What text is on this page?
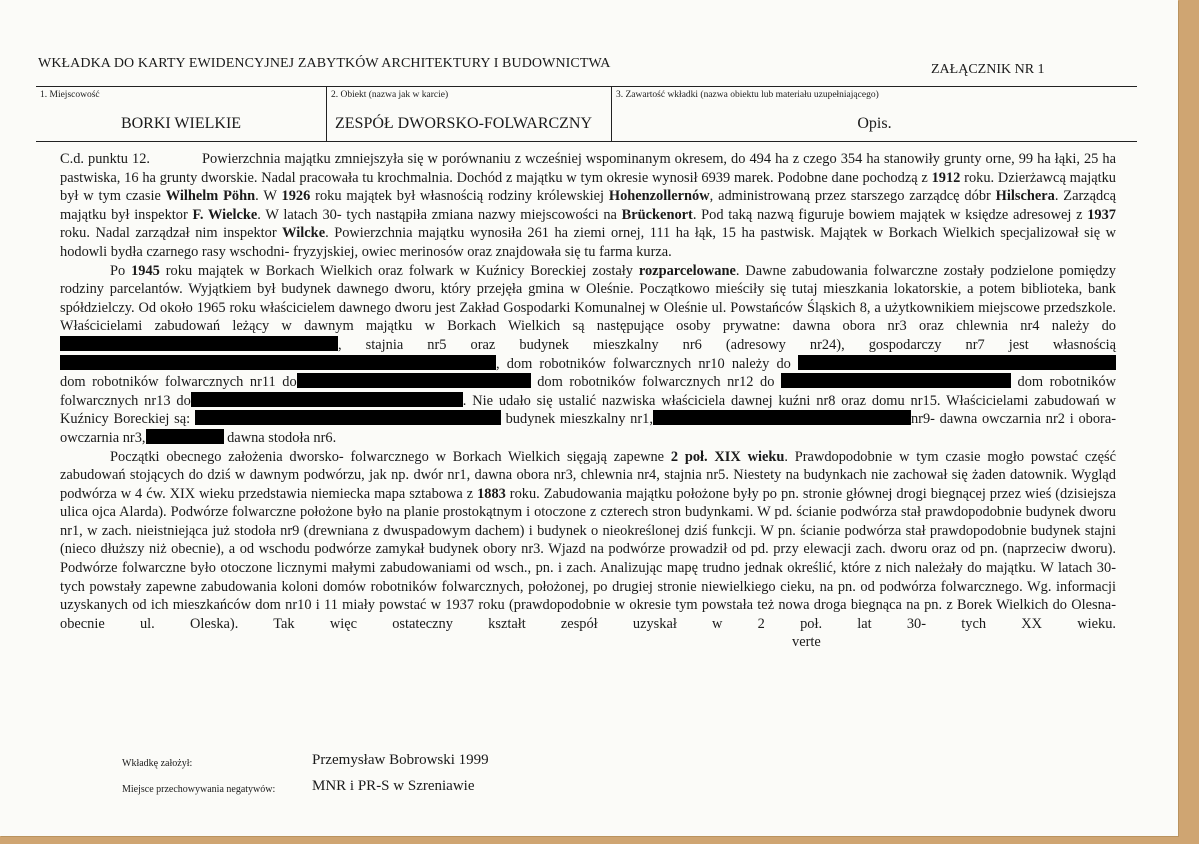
WKŁADKA DO KARTY EWIDENCYJNEJ ZABYTKÓW ARCHITEKTURY I BUDOWNICTWA	ZAŁĄCZNIK NR 1
1. Miejscowość
BORKI WIELKIE
2. Obiekt (nazwa jak w karcie)
ZESPÓŁ DWORSKO-FOLWARCZNY
3. Zawartość wkładki (nazwa obiektu lub materiału uzupełniającego)
Opis.

C.d. punktu 12.	Powierzchnia majątku zmniejszyła się w porównaniu z wcześniej wspominanym okresem, do 494 ha z czego 354 ha stanowiły grunty orne, 99 ha łąki, 25 ha pastwiska, 16 ha grunty dworskie. Nadal pracowała tu krochmalnia. Dochód z majątku w tym okresie wynosił 6939 marek. Podobne dane pochodzą z 1912 roku. Dzierżawcą majątku był w tym czasie Wilhelm Pöhn. W 1926 roku majątek był własnością rodziny królewskiej Hohenzollernów, administrowaną przez starszego zarządcę dóbr Hilschera. Zarządcą majątku był inspektor F. Wielcke. W latach 30- tych nastąpiła zmiana nazwy miejscowości na Brückenort. Pod taką nazwą figuruje bowiem majątek w księdze adresowej z 1937 roku. Nadal zarządzał nim inspektor Wilcke. Powierzchnia majątku wynosiła 261 ha ziemi ornej, 111 ha łąk, 15 ha pastwisk. Majątek w Borkach Wielkich specjalizował się w hodowli bydła czarnego rasy wschodni- fryzyjskiej, owiec merinosów oraz znajdowała się tu farma kurza.

Po 1945 roku majątek w Borkach Wielkich oraz folwark w Kuźnicy Boreckiej zostały rozparcelowane. Dawne zabudowania folwarczne zostały podzielone pomiędzy rodziny parcelantów. Wyjątkiem był budynek dawnego dworu, który przejęła gmina w Oleśnie. Początkowo mieściły się tutaj mieszkania lokatorskie, a potem biblioteka, bank spółdzielczy. Od około 1965 roku właścicielem dawnego dworu jest Zakład Gospodarki Komunalnej w Oleśnie ul. Powstańców Śląskich 8, a użytkownikiem miejscowe przedszkole. Właścicielami zabudowań leżący w dawnym majątku w Borkach Wielkich są następujące osoby prywatne: dawna obora nr3 oraz chlewnia nr4 należy do , stajnia nr5 oraz budynek mieszkalny nr6 (adresowy nr24), gospodarczy nr7 jest własnością, dom robotników folwarcznych nr10 należy do  dom robotników folwarcznych nr11 do	dom robotników folwarcznych nr12 do	dom robotników folwarcznych nr13 do	. Nie udało się ustalić nazwiska właściciela dawnej kuźni nr8 oraz domu nr15. Właścicielami zabudowań w Kuźnicy Boreckiej są:	budynek mieszkalny nr1,	nr9- dawna owczarnia nr2 i obora- owczarnia nr3,	dawna stodoła nr6.

Początki obecnego założenia dworsko- folwarcznego w Borkach Wielkich sięgają zapewne 2 poł. XIX wieku. Prawdopodobnie w tym czasie mogło powstać część zabudowań stojących do dziś w dawnym podwórzu, jak np. dwór nr1, dawna obora nr3, chlewnia nr4, stajnia nr5. Niestety na budynkach nie zachował się żaden datownik. Wygląd podwórza w 4 ćw. XIX wieku przedstawia niemiecka mapa sztabowa z 1883 roku. Zabudowania majątku położone były po pn. stronie głównej drogi biegnącej przez wieś (dzisiejsza ulica ojca Alarda). Podwórze folwarczne położone było na planie prostokątnym i otoczone z czterech stron budynkami. W pd. ścianie podwórza stał prawdopodobnie budynek dworu nr1, w zach. nieistniejąca już stodoła nr9 (drewniana z dwuspadowym dachem) i budynek o nieokreślonej dziś funkcji. W pn. ścianie podwórza stał prawdopodobnie budynek stajni (nieco dłuższy niż obecnie), a od wschodu podwórze zamykał budynek obory nr3. Wjazd na podwórze prowadził od pd. przy elewacji zach. dworu oraz od pn. (naprzeciw dworu). Podwórze folwarczne było otoczone licznymi małymi zabudowaniami od wsch., pn. i zach. Analizując mapę trudno jednak określić, które z nich należały do majątku. W latach 30- tych powstały zapewne zabudowania koloni domów robotników folwarcznych, położonej, po drugiej stronie niewielkiego cieku, na pn. od podwórza folwarcznego. Wg. informacji uzyskanych od ich mieszkańców dom nr10 i 11 miały powstać w 1937 roku (prawdopodobnie w okresie tym powstała też nowa droga biegnąca na pn. z Borek Wielkich do Olesna- obecnie ul. Oleska). Tak więc ostateczny kształt zespół uzyskał w 2 poł. lat 30- tych XX wieku.verte

Wkładkę założył:	Przemysław Bobrowski 1999
Miejsce przechowywania negatywów: MNR i PR-S w Szreniawie
